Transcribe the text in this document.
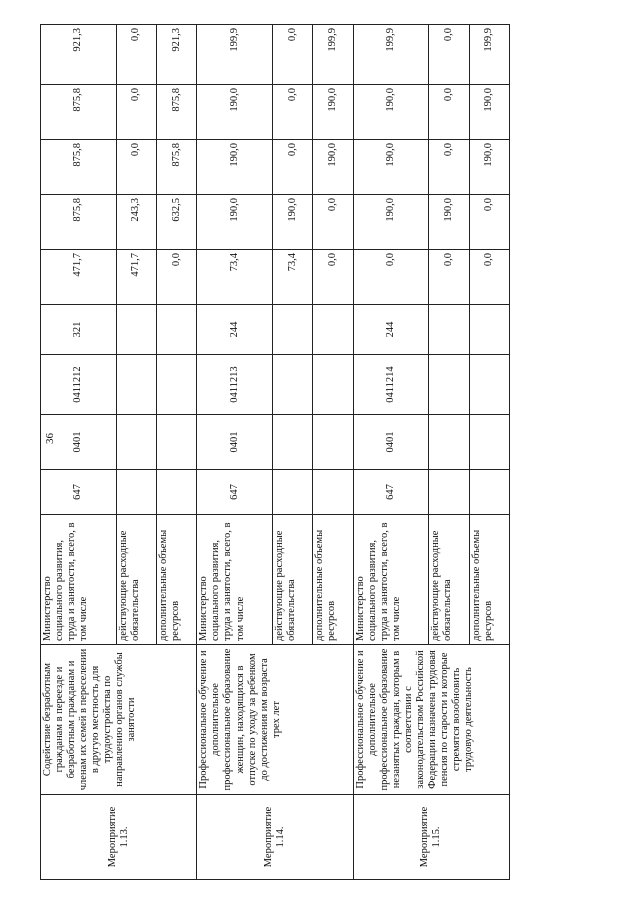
36
Мероприятие 1.13.	Содействие безработным гражданам в переезде и безработным гражданам и членам их семей в переселении в другую местность для трудоустройства по направлению органов службы занятости	Министерство социального развития, труда и занятости, всего, в том числе	647	0401	0411212	321	471,7	875,8	875,8	875,8	921,3
		действующие расходные обязательства					471,7	243,3	0,0	0,0	0,0
		дополнительные объемы ресурсов					0,0	632,5	875,8	875,8	921,3
Мероприятие 1.14.	Профессиональное обучение и дополнительное профессиональное образование женщин, находящихся в отпуске по уходу за ребенком до достижения им возраста трех лет	Министерство социального развития, труда и занятости, всего, в том числе	647	0401	0411213	244	73,4	190,0	190,0	190,0	199,9
		действующие расходные обязательства					73,4	190,0	0,0	0,0	0,0
		дополнительные объемы ресурсов					0,0	0,0	190,0	190,0	199,9
Мероприятие 1.15.	Профессиональное обучение и дополнительное профессиональное образование незанятых граждан, которым в соответствии с законодательством Российской Федерации назначена трудовая пенсия по старости и которые стремятся возобновить трудовую деятельность	Министерство социального развития, труда и занятости, всего, в том числе	647	0401	0411214	244	0,0	190,0	190,0	190,0	199,9
		действующие расходные обязательства					0,0	190,0	0,0	0,0	0,0
		дополнительные объемы ресурсов					0,0	0,0	190,0	190,0	199,9
